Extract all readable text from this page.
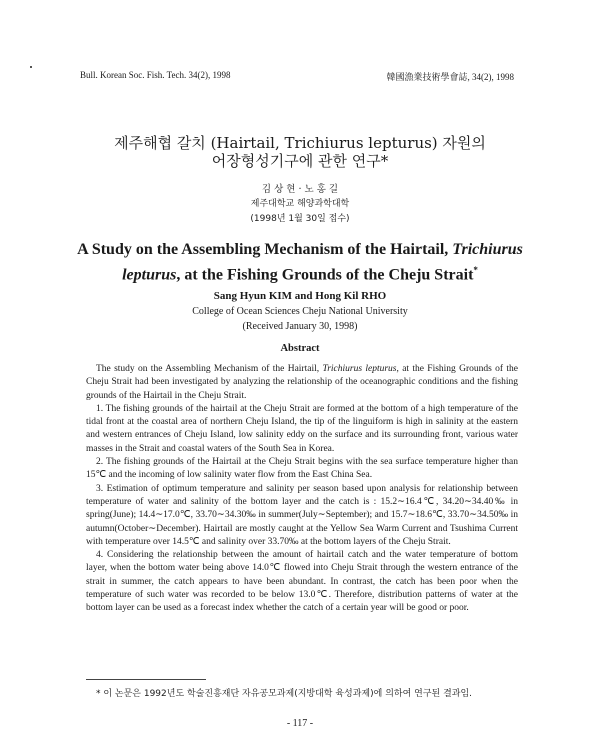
Bull. Korean Soc. Fish. Tech. 34(2), 1998	韓國漁業技術學會誌, 34(2), 1998
제주해협 갈치 (Hairtail, Trichiurus lepturus) 자원의
어장형성기구에 관한 연구*
김 상 현 · 노 홍 길
제주대학교 해양과학대학
(1998년 1월 30일 접수)
A Study on the Assembling Mechanism of the Hairtail, Trichiurus
lepturus, at the Fishing Grounds of the Cheju Strait*
Sang Hyun KIM and Hong Kil RHO
College of Ocean Sciences Cheju National University
(Received January 30, 1998)
Abstract

The study on the Assembling Mechanism of the Hairtail, Trichiurus lepturus, at the Fishing Grounds of the Cheju Strait had been investigated by analyzing the relationship of the oceanographic conditions and the fishing grounds of the Hairtail in the Cheju Strait.

1. The fishing grounds of the hairtail at the Cheju Strait are formed at the bottom of a high temperature of the tidal front at the coastal area of northern Cheju Island, the tip of the linguiform is high in salinity at the eastern and western entrances of Cheju Island, low salinity eddy on the surface and its surrounding front, various water masses in the Strait and coastal waters of the South Sea in Korea.

2. The fishing grounds of the Hairtail at the Cheju Strait begins with the sea surface temperature higher than 15℃ and the incoming of low salinity water flow from the East China Sea.

3. Estimation of optimum temperature and salinity per season based upon analysis for relationship between temperature of water and salinity of the bottom layer and the catch is : 15.2∼16.4℃, 34.20∼34.40‰ in spring(June); 14.4∼17.0℃, 33.70∼34.30‰ in summer(July∼September); and 15.7∼18.6℃, 33.70∼34.50‰ in autumn(October∼December). Hairtail are mostly caught at the Yellow Sea Warm Current and Tsushima Current with temperature over 14.5℃ and salinity over 33.70‰ at the bottom layers of the Cheju Strait.

4. Considering the relationship between the amount of hairtail catch and the water temperature of bottom layer, when the bottom water being above 14.0℃ flowed into Cheju Strait through the western entrance of the strait in summer, the catch appears to have been abundant. In contrast, the catch has been poor when the temperature of such water was recorded to be below 13.0℃. Therefore, distribution patterns of water at the bottom layer can be used as a forecast index whether the catch of a certain year will be good or poor.

* 이 논문은 1992년도 학술진흥재단 자유공모과제(지방대학 육성과제)에 의하여 연구된 결과임.
- 117 -
